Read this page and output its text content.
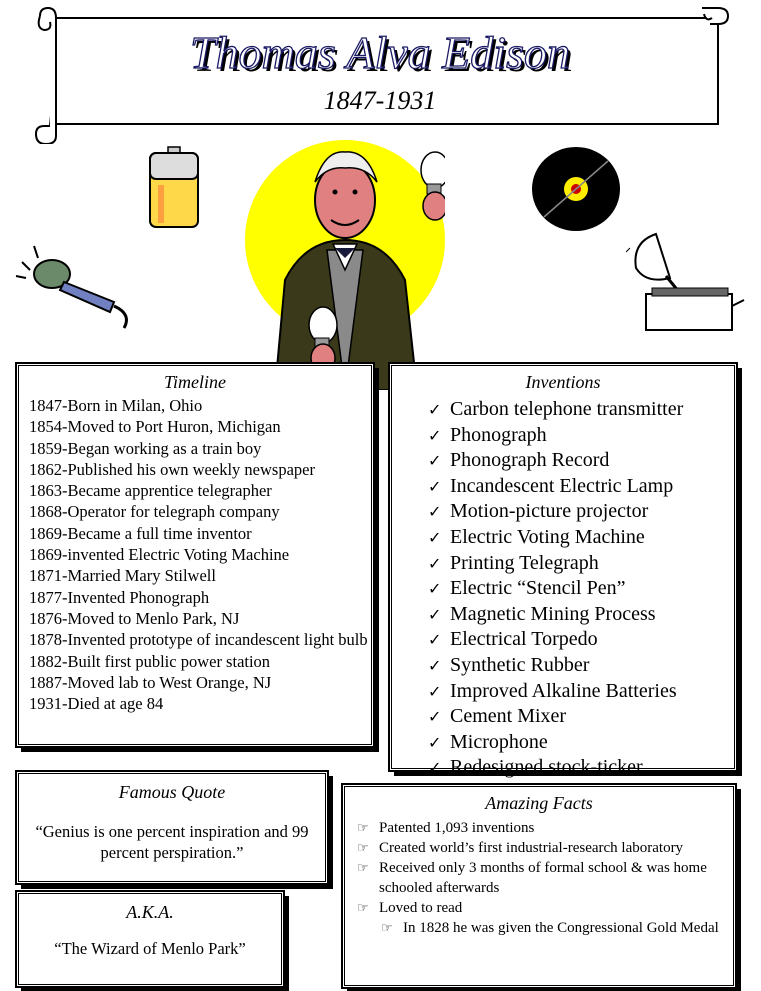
Thomas Alva Edison
1847-1931
Timeline
1847-Born in Milan, Ohio
1854-Moved to Port Huron, Michigan
1859-Began working as a train boy
1862-Published his own weekly newspaper
1863-Became apprentice telegrapher
1868-Operator for telegraph company
1869-Became a full time inventor
1869-invented Electric Voting Machine
1871-Married Mary Stilwell
1877-Invented Phonograph
1876-Moved to Menlo Park, NJ
1878-Invented prototype of incandescent light bulb
1882-Built first public power station
1887-Moved lab to West Orange, NJ
1931-Died at age 84
Inventions
✓ Carbon telephone transmitter
✓ Phonograph
✓ Phonograph Record
✓ Incandescent Electric Lamp
✓ Motion-picture projector
✓ Electric Voting Machine
✓ Printing Telegraph
✓ Electric “Stencil Pen”
✓ Magnetic Mining Process
✓ Electrical Torpedo
✓ Synthetic Rubber
✓ Improved Alkaline Batteries
✓ Cement Mixer
✓ Microphone
✓ Redesigned stock-ticker
Famous Quote
“Genius is one percent inspiration and 99 percent perspiration.”
A.K.A.
“The Wizard of Menlo Park”
Amazing Facts
☞ Patented 1,093 inventions
☞ Created world’s first industrial-research laboratory
☞ Received only 3 months of formal school & was home schooled afterwards
☞ Loved to read
☞ In 1828 he was given the Congressional Gold Medal
